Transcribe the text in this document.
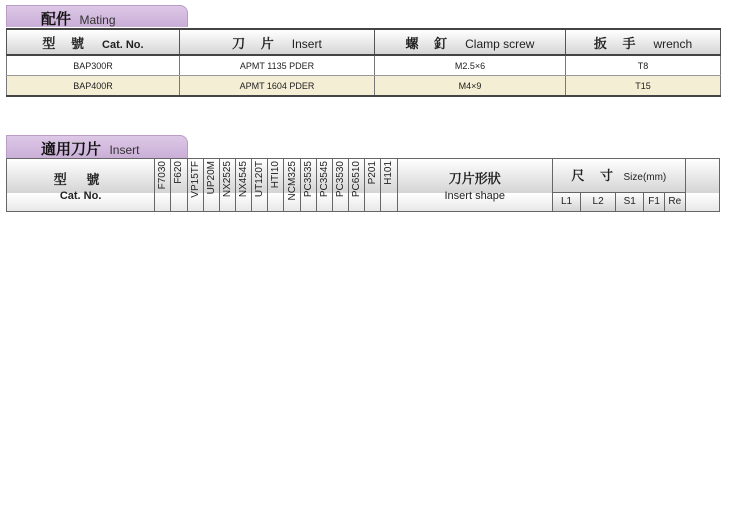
配件 Mating
型 號 Cat. No.	刀 片 Insert	螺 釘 Clamp screw	扳 手 wrench
BAP300R	APMT 1135 PDER	M2.5×6	T8
BAP400R	APMT 1604 PDER	M4×9	T15
適用刀片 Insert
型 號
Cat. No.	F7030	F620	VP15TF	UP20M	NX2525	NX4545	UT120T	HTI10	NCM325	PC3535	PC3545	PC3530	PC6510	P201	H101	刀片形狀
Insert shape	尺 寸 Size(mm)					
																	L1	L2	S1	F1	Re	
